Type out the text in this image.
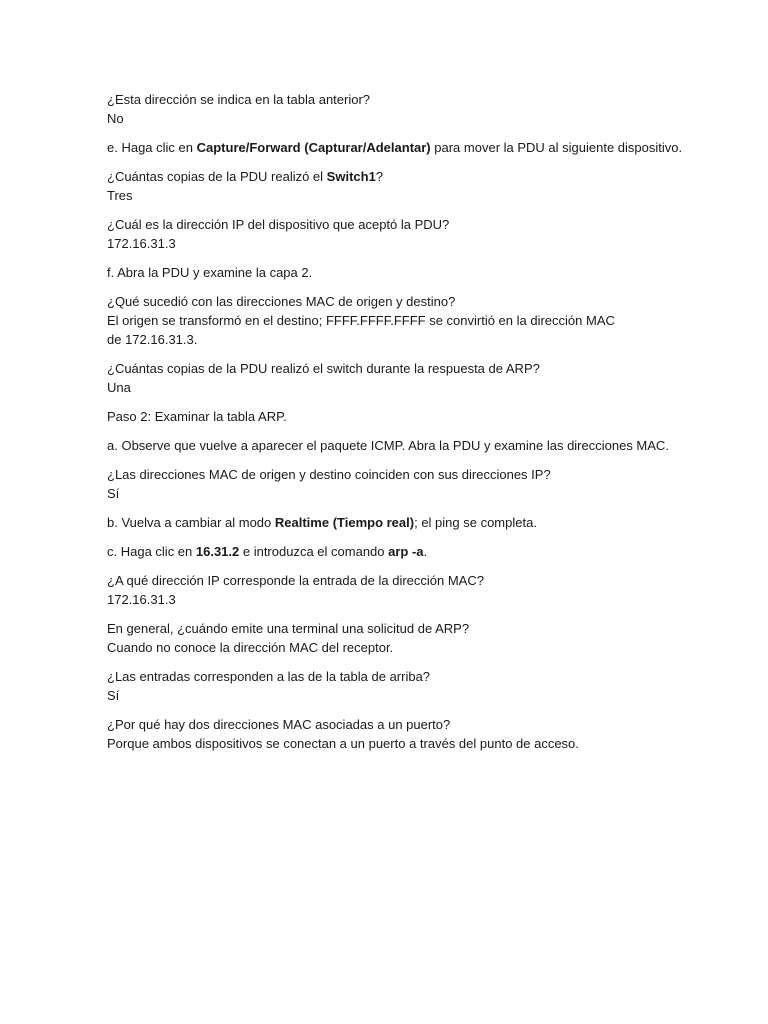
¿Esta dirección se indica en la tabla anterior?
No
e. Haga clic en Capture/Forward (Capturar/Adelantar) para mover la PDU al siguiente dispositivo.
¿Cuántas copias de la PDU realizó el Switch1?
Tres
¿Cuál es la dirección IP del dispositivo que aceptó la PDU?
172.16.31.3
f. Abra la PDU y examine la capa 2.
¿Qué sucedió con las direcciones MAC de origen y destino?
El origen se transformó en el destino; FFFF.FFFF.FFFF se convirtió en la dirección MAC de 172.16.31.3.
¿Cuántas copias de la PDU realizó el switch durante la respuesta de ARP?
Una
Paso 2: Examinar la tabla ARP.
a. Observe que vuelve a aparecer el paquete ICMP. Abra la PDU y examine las direcciones MAC.
¿Las direcciones MAC de origen y destino coinciden con sus direcciones IP?
Sí
b. Vuelva a cambiar al modo Realtime (Tiempo real); el ping se completa.
c. Haga clic en 16.31.2 e introduzca el comando arp -a.
¿A qué dirección IP corresponde la entrada de la dirección MAC?
172.16.31.3
En general, ¿cuándo emite una terminal una solicitud de ARP?
Cuando no conoce la dirección MAC del receptor.
¿Las entradas corresponden a las de la tabla de arriba?
Sí
¿Por qué hay dos direcciones MAC asociadas a un puerto?
Porque ambos dispositivos se conectan a un puerto a través del punto de acceso.
